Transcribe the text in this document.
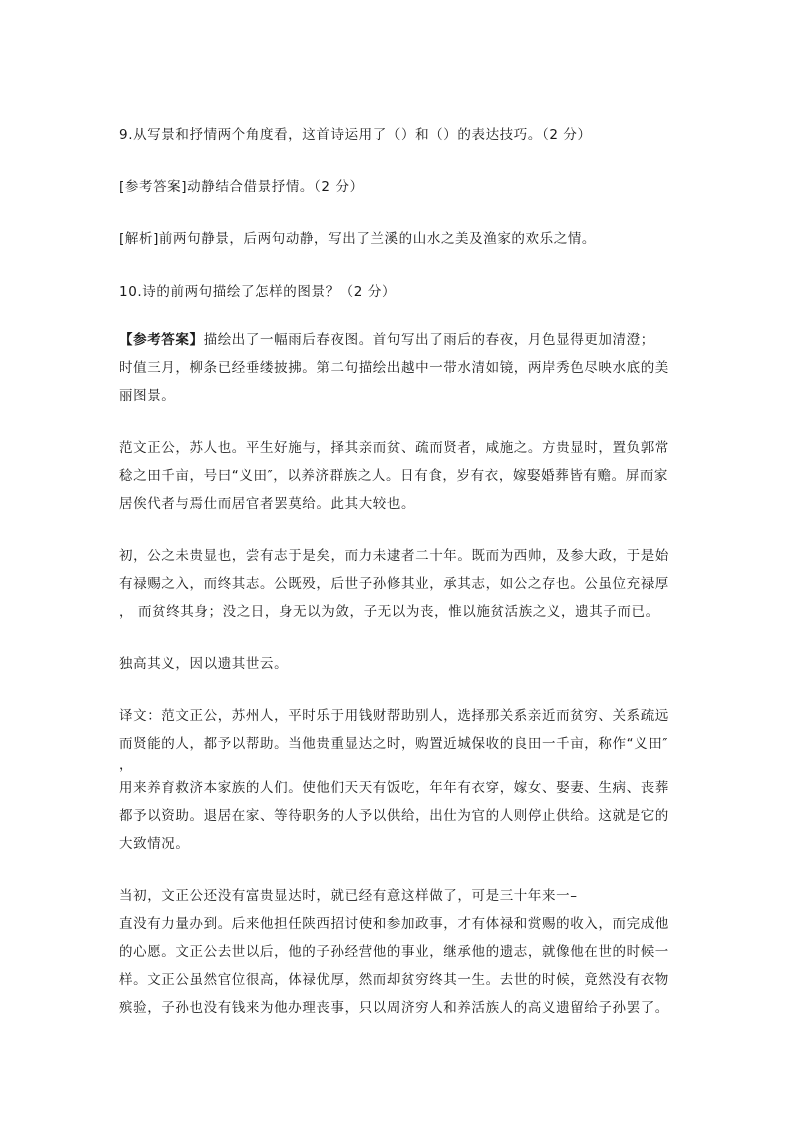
9.从写景和抒情两个角度看，这首诗运用了（）和（）的表达技巧。（2 分）

[参考答案]动静结合借景抒情。（2 分）

[解析]前两句静景，后两句动静，写出了兰溪的山水之美及渔家的欢乐之情。

10.诗的前两句描绘了怎样的图景？（2 分）

【参考答案】描绘出了一幅雨后春夜图。首句写出了雨后的春夜，月色显得更加清澄；

时值三月，柳条已经垂缕披拂。第二句描绘出越中一带水清如镜，两岸秀色尽映水底的美

丽图景。

范文正公，苏人也。平生好施与，择其亲而贫、疏而贤者，咸施之。方贵显时，置负郭常

稔之田千亩，号曰“义田″，以养济群族之人。日有食，岁有衣，嫁娶婚葬皆有赡。屏而家

居俟代者与焉仕而居官者罢莫给。此其大较也。

初，公之未贵显也，尝有志于是矣，而力未逮者二十年。既而为西帅，及参大政，于是始

有禄赐之入，而终其志。公既殁，后世子孙修其业，承其志，如公之存也。公虽位充禄厚

， 而贫终其身；没之日，身无以为敛，子无以为丧，惟以施贫活族之义，遗其子而已。

独高其义，因以遗其世云。

译文：范文正公，苏州人，平时乐于用钱财帮助别人，选择那关系亲近而贫穷、关系疏远

而贤能的人，都予以帮助。当他贵重显达之时，购置近城保收的良田一千亩，称作“义田″

，

用来养育救济本家族的人们。使他们天天有饭吃，年年有衣穿，嫁女、娶妻、生病、丧葬

都予以资助。退居在家、等待职务的人予以供给，出仕为官的人则停止供给。这就是它的

大致情况。

当初，文正公还没有富贵显达时，就已经有意这样做了，可是三十年来一–

直没有力量办到。后来他担任陕西招讨使和参加政事，才有体禄和赏赐的收入，而完成他

的心愿。文正公去世以后，他的子孙经营他的事业，继承他的遗志，就像他在世的时候一

样。文正公虽然官位很高，体禄优厚，然而却贫穷终其一生。去世的时候，竟然没有衣物

殡验，子孙也没有钱来为他办理丧事，只以周济穷人和养活族人的高义遗留给子孙罢了。
